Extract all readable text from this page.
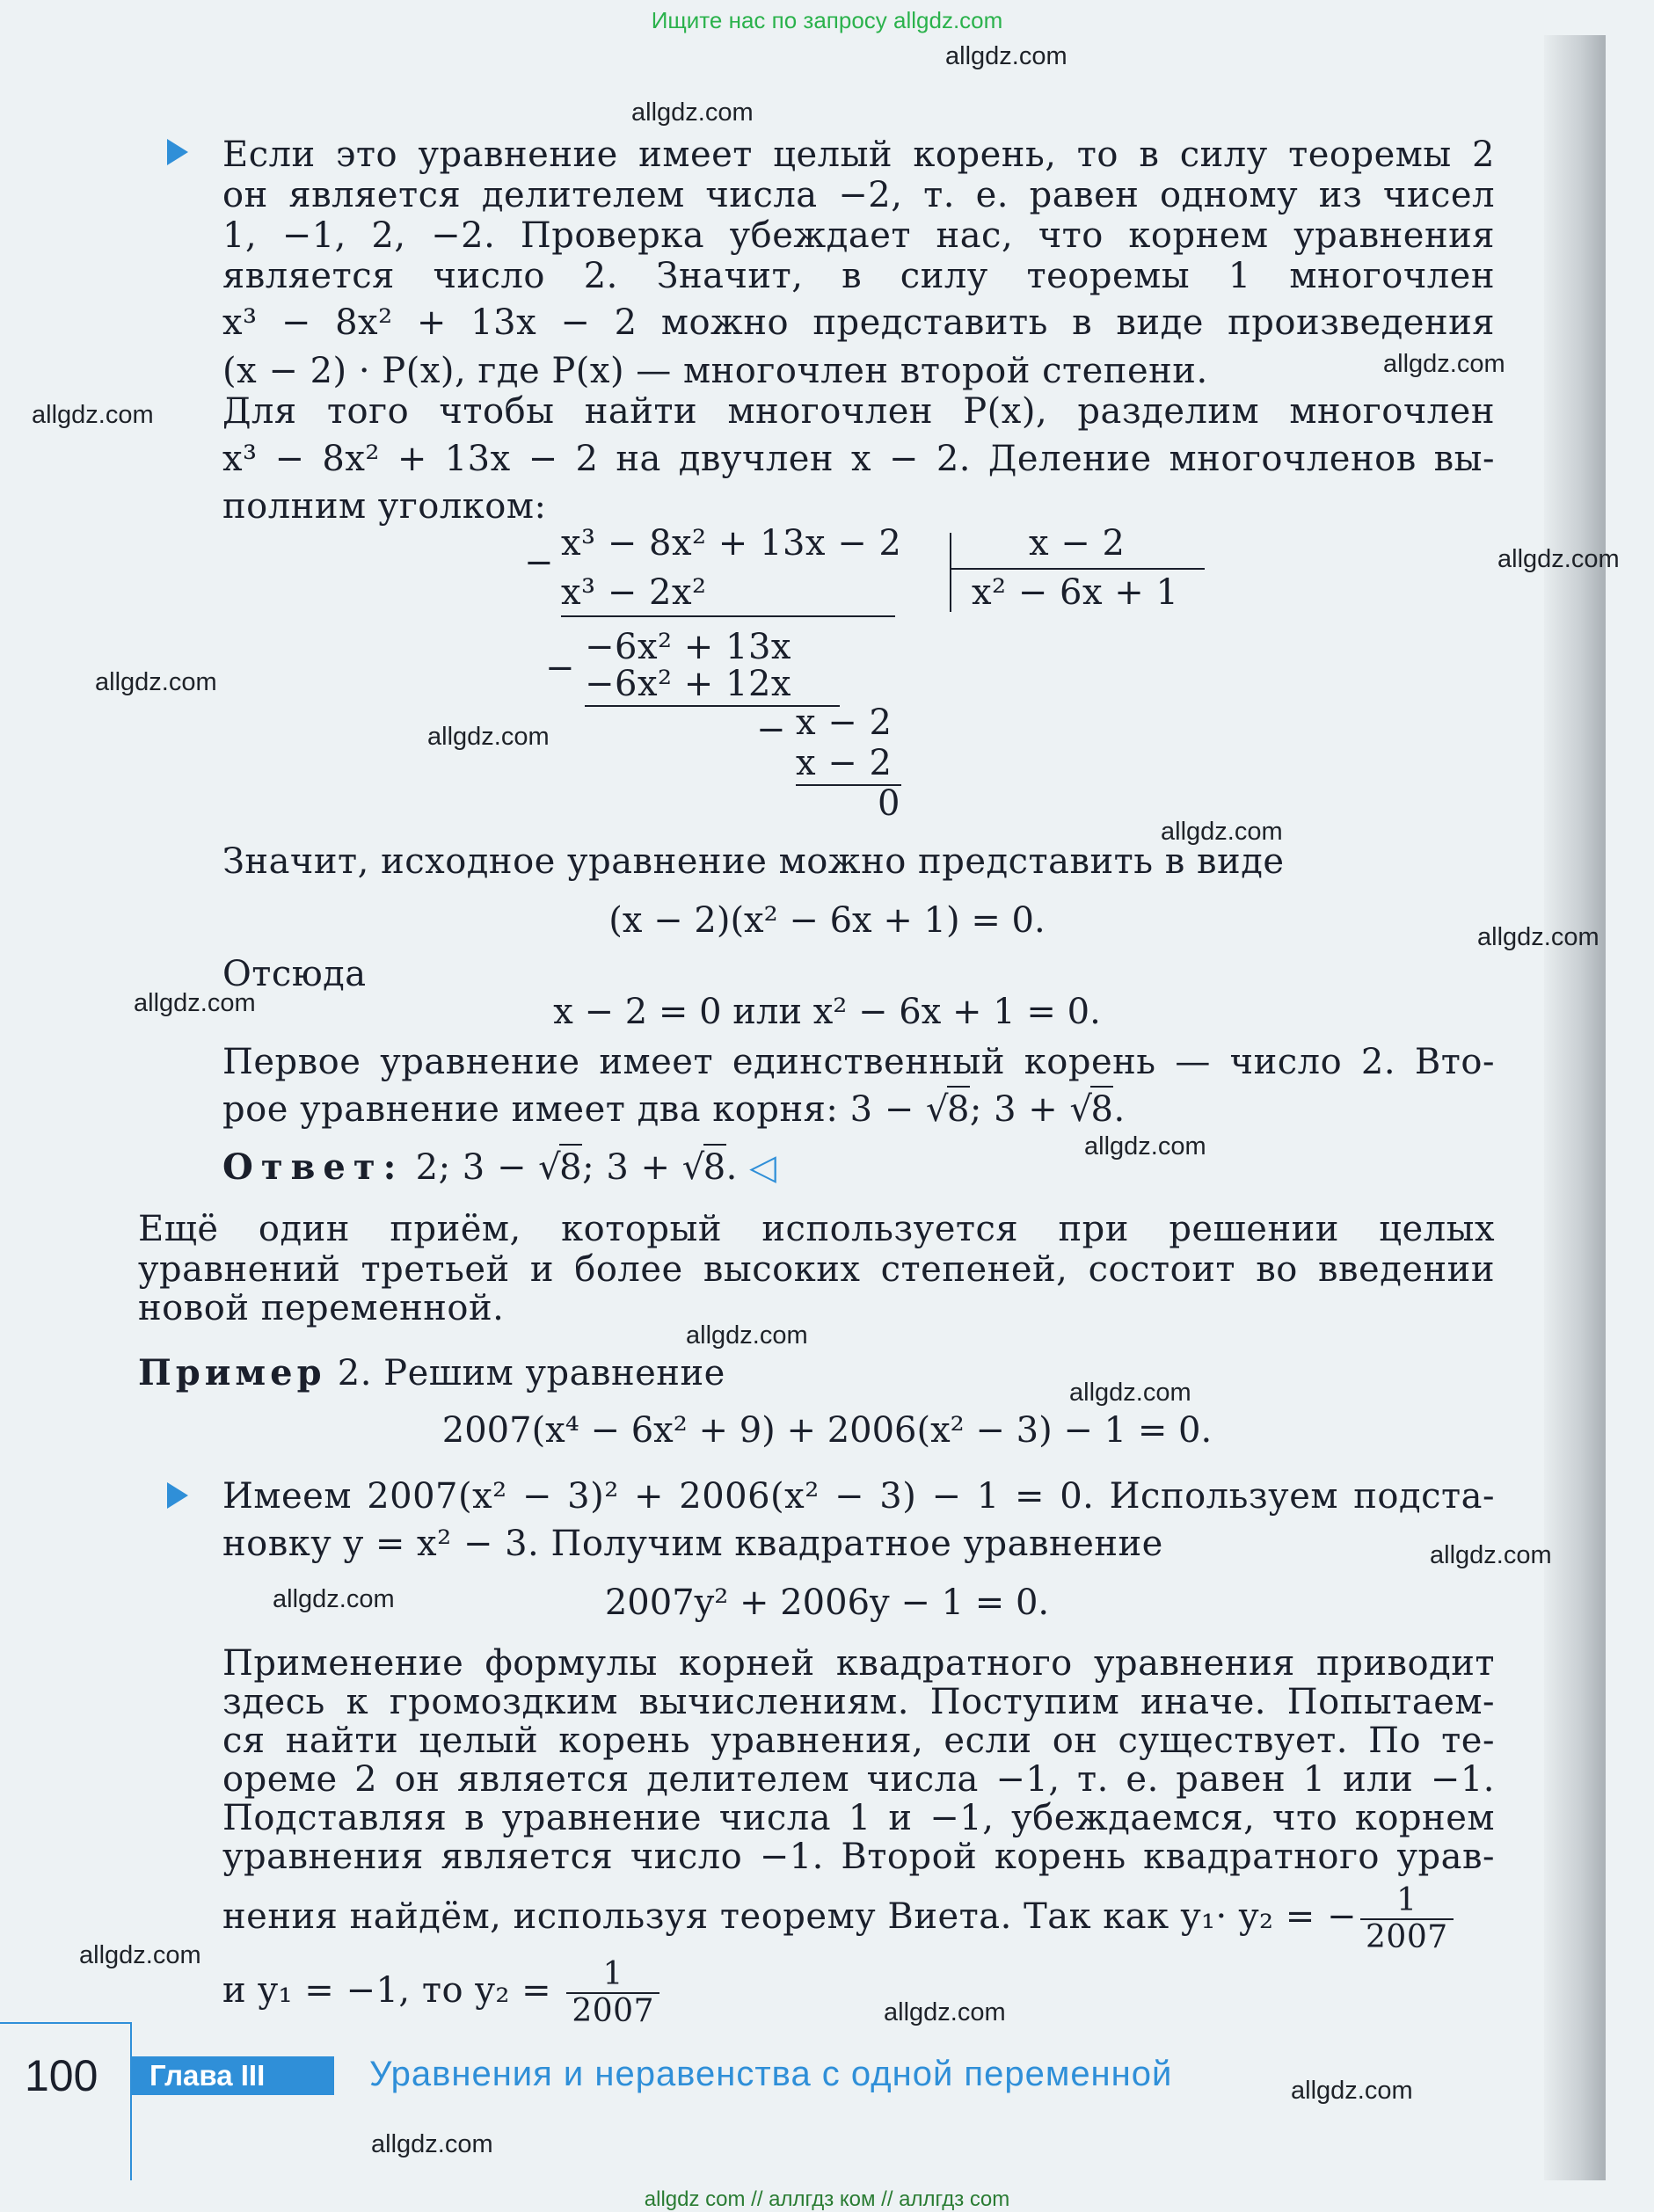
Ищите нас по запросу allgdz.com
allgdz.com
allgdz.com
allgdz.com
allgdz.com
allgdz.com
allgdz.com
allgdz.com
allgdz.com
allgdz.com
allgdz.com
allgdz.com
allgdz.com
allgdz.com
allgdz.com
allgdz.com
allgdz.com
allgdz.com
allgdz.com
allgdz.com
Если это уравнение имеет целый корень, то в силу теоремы 2
он является делителем числа −2, т. е. равен одному из чисел
1, −1, 2, −2. Проверка убеждает нас, что корнем уравнения
является число 2. Значит, в силу теоремы 1 многочлен
x³ − 8x² + 13x − 2 можно представить в виде произведения
(x − 2) · P(x), где P(x) — многочлен второй степени.
Для того чтобы найти многочлен P(x), разделим многочлен
x³ − 8x² + 13x − 2 на двучлен x − 2. Деление многочленов вы-
полним уголком:
− x³ − 8x² + 13x − 2	x − 2
x² − 6x + 1
x³ − 2x²
−6x² + 13x
− −6x² + 12x
− x − 2
x − 2
0
Значит, исходное уравнение можно представить в виде
(x − 2)(x² − 6x + 1) = 0.
Отсюда
x − 2 = 0 или x² − 6x + 1 = 0.
Первое уравнение имеет единственный корень — число 2. Вто-
рое уравнение имеет два корня: 3 − √8; 3 + √8.
Ответ: 2; 3 − √8; 3 + √8. ◁
Ещё один приём, который используется при решении целых
уравнений третьей и более высоких степеней, состоит во введении
новой переменной.
Пример 2. Решим уравнение
2007(x⁴ − 6x² + 9) + 2006(x² − 3) − 1 = 0.
Имеем 2007(x² − 3)² + 2006(x² − 3) − 1 = 0. Используем подста-
новку y = x² − 3. Получим квадратное уравнение
2007y² + 2006y − 1 = 0.
Применение формулы корней квадратного уравнения приводит
здесь к громоздким вычислениям. Поступим иначе. Попытаем-
ся найти целый корень уравнения, если он существует. По те-
ореме 2 он является делителем числа −1, т. е. равен 1 или −1.
Подставляя в уравнение числа 1 и −1, убеждаемся, что корнем
уравнения является число −1. Второй корень квадратного урав-
нения найдём, используя теорему Виета. Так как y₁· y₂ = − $\frac{1}{2007}$
и y₁ = −1, то $y_2 = \frac{1}{2007}$
100	Глава III	Уравнения и неравенства с одной переменной
allgdz com // аллгдз ком // аллгдз com
